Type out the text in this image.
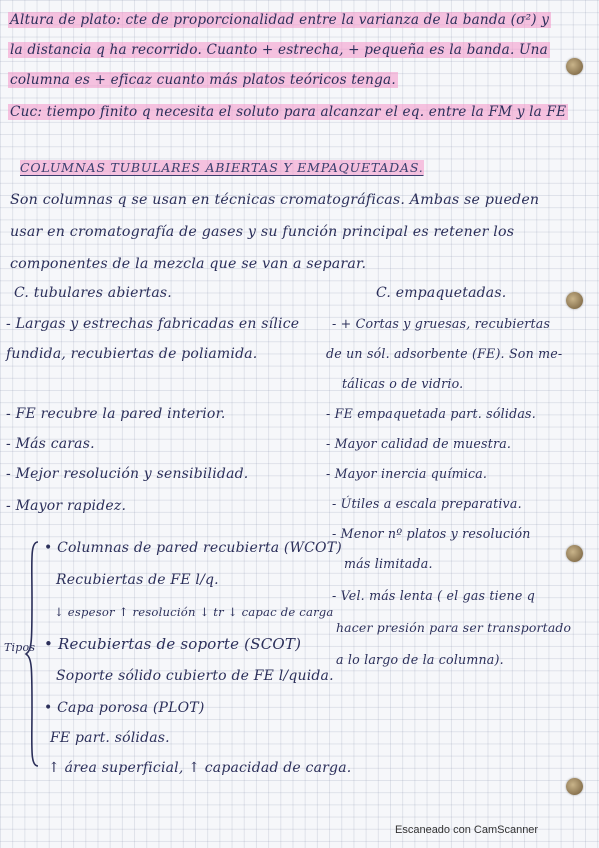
Altura de plato: cte de proporcionalidad entre la varianza de la banda (σ²) y
la distancia q ha recorrido. Cuanto + estrecha, + pequeña es la banda. Una
columna es + eficaz cuanto más platos teóricos tenga.
Cuc: tiempo finito q necesita el soluto para alcanzar el eq. entre la FM y la FE
COLUMNAS TUBULARES ABIERTAS Y EMPAQUETADAS.
Son columnas q se usan en técnicas cromatográficas. Ambas se pueden
usar en cromatografía de gases y su función principal es retener los
componentes de la mezcla que se van a separar.
C. tubulares abiertas.
- Largas y estrechas fabricadas en sílice
fundida, recubiertas de poliamida.
- FE recubre la pared interior.
- Más caras.
- Mejor resolución y sensibilidad.
- Mayor rapidez.
C. empaquetadas.
- + Cortas y gruesas, recubiertas
de un sól. adsorbente (FE). Son me-
tálicas o de vidrio.
- FE empaquetada part. sólidas.
- Mayor calidad de muestra.
- Mayor inercia química.
- Útiles a escala preparativa.
- Menor nº platos y resolución
más limitada.
- Vel. más lenta ( el gas tiene q
hacer presión para ser transportado
a lo largo de la columna).
Tipos
• Columnas de pared recubierta (WCOT)
Recubiertas de FE l/q.
↓ espesor ↑ resolución ↓ tr ↓ capac de carga
• Recubiertas de soporte (SCOT)
Soporte sólido cubierto de FE l/quida.
• Capa porosa (PLOT)
FE part. sólidas.
↑ área superficial, ↑ capacidad de carga.
Escaneado con CamScanner
